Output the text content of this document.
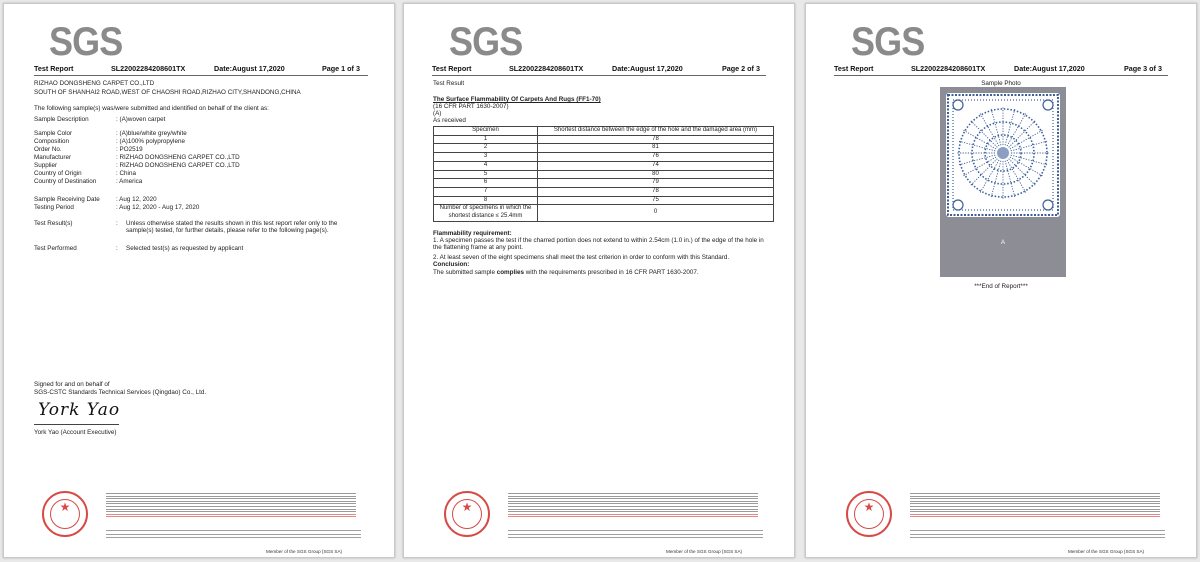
SGS
Test Report	SL22002284208601TX	Date:August 17,2020	Page 1 of 3
RIZHAO DONGSHENG CARPET CO.,LTD
SOUTH OF SHANHAI2 ROAD,WEST OF CHAOSHI ROAD,RIZHAO CITY,SHANDONG,CHINA
The following sample(s) was/were submitted and identified on behalf of the client as:
Sample Description	: (A)woven carpet
Sample Color	: (A)blue/white grey/white
Composition	: (A)100% polypropylene
Order No.	: PO2519
Manufacturer	: RIZHAO DONGSHENG CARPET CO.,LTD
Supplier	: RIZHAO DONGSHENG CARPET CO.,LTD
Country of Origin	: China
Country of Destination	: America
Sample Receiving Date	: Aug 12, 2020
Testing Period	: Aug 12, 2020 - Aug 17, 2020
Test Result(s)	: Unless otherwise stated the results shown in this test report refer only to the sample(s) tested, for further details, please refer to the following page(s).
Test Performed	: Selected test(s) as requested by applicant
Signed for and on behalf of
SGS-CSTC Standards Technical Services (Qingdao) Co., Ltd.
York Yao
York Yao (Account Executive)
★
Member of the SGS Group (SGS SA)
SGS
Test Report	SL22002284208601TX	Date:August 17,2020	Page 2 of 3
Test Result
The Surface Flammability Of Carpets And Rugs (FF1-70)
(16 CFR PART 1630-2007)
(A)
As received
Specimen	Shortest distance between the edge of the hole and the damaged area (mm)
1	78
2	81
3	76
4	74
5	80
6	79
7	78
8	75
Number of specimens in which the shortest distance ≤ 25.4mm	0
Flammability requirement:
1. A specimen passes the test if the charred portion does not extend to within 2.54cm (1.0 in.) of the edge of the hole in the flattening frame at any point.
2. At least seven of the eight specimens shall meet the test criterion in order to conform with this Standard.
Conclusion:
The submitted sample complies with the requirements prescribed in 16 CFR PART 1630-2007.
★
Member of the SGS Group (SGS SA)
SGS
Test Report	SL22002284208601TX	Date:August 17,2020	Page 3 of 3
Sample Photo
A
***End of Report***
★
Member of the SGS Group (SGS SA)
